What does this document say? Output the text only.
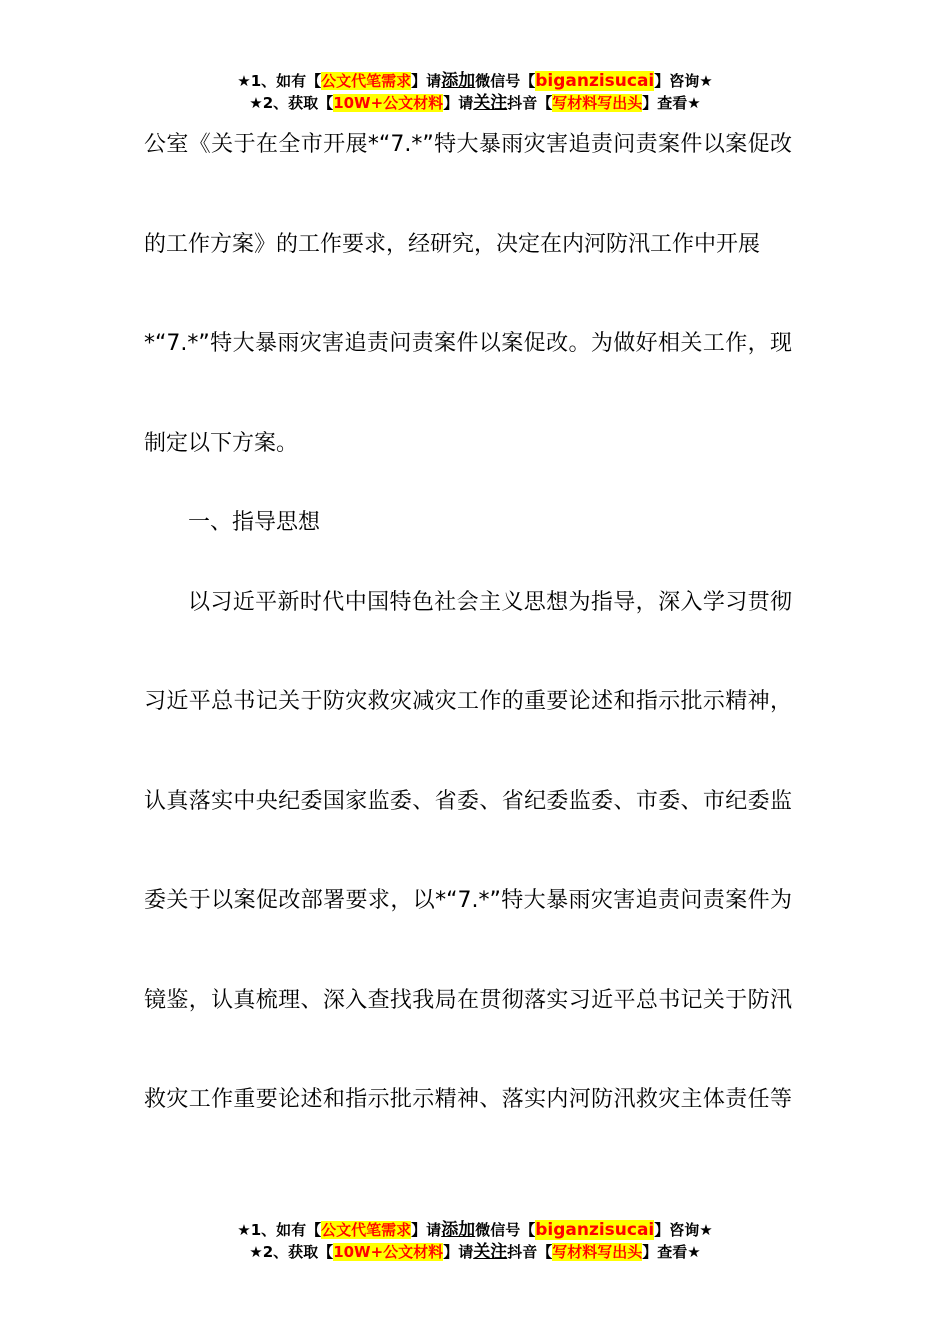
★1、如有【公文代笔需求】请添加微信号【biganzisucai】咨询★
★2、获取【10W+公文材料】请关注抖音【写材料写出头】查看★
公室《关于在全市开展*“7.*”特大暴雨灾害追责问责案件以案促改
的工作方案》的工作要求，经研究，决定在内河防汛工作中开展
*“7.*”特大暴雨灾害追责问责案件以案促改。为做好相关工作，现
制定以下方案。
一、指导思想
以习近平新时代中国特色社会主义思想为指导，深入学习贯彻
习近平总书记关于防灾救灾减灾工作的重要论述和指示批示精神，
认真落实中央纪委国家监委、省委、省纪委监委、市委、市纪委监
委关于以案促改部署要求，以*“7.*”特大暴雨灾害追责问责案件为
镜鉴，认真梳理、深入查找我局在贯彻落实习近平总书记关于防汛
救灾工作重要论述和指示批示精神、落实内河防汛救灾主体责任等
★1、如有【公文代笔需求】请添加微信号【biganzisucai】咨询★
★2、获取【10W+公文材料】请关注抖音【写材料写出头】查看★
